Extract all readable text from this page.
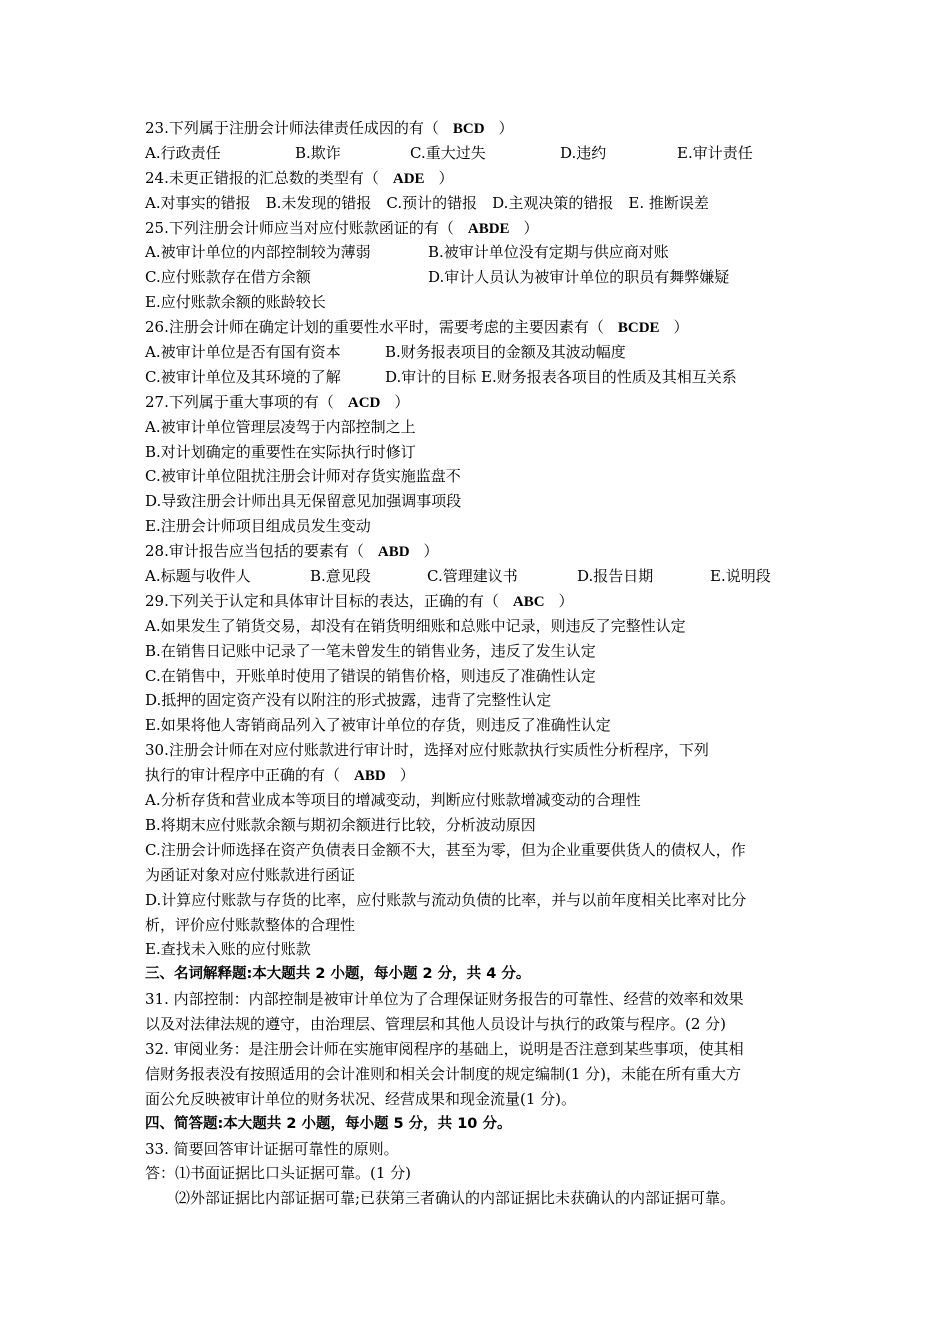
23.下列属于注册会计师法律责任成因的有（ BCD ）
A.行政责任	B.欺诈	C.重大过失	D.违约	E.审计责任
24.未更正错报的汇总数的类型有（ ADE ）
A.对事实的错报　B.未发现的错报　C.预计的错报　D.主观决策的错报　E. 推断误差
25.下列注册会计师应当对应付账款函证的有（ ABDE ）
A.被审计单位的内部控制较为薄弱	B.被审计单位没有定期与供应商对账
C.应付账款存在借方余额	D.审计人员认为被审计单位的职员有舞弊嫌疑
E.应付账款余额的账龄较长
26.注册会计师在确定计划的重要性水平时，需要考虑的主要因素有（ BCDE ）
A.被审计单位是否有国有资本	B.财务报表项目的金额及其波动幅度
C.被审计单位及其环境的了解	D.审计的目标 E.财务报表各项目的性质及其相互关系
27.下列属于重大事项的有（ ACD ）
A.被审计单位管理层凌驾于内部控制之上
B.对计划确定的重要性在实际执行时修订
C.被审计单位阻扰注册会计师对存货实施监盘不
D.导致注册会计师出具无保留意见加强调事项段
E.注册会计师项目组成员发生变动
28.审计报告应当包括的要素有（ ABD ）
A.标题与收件人	B.意见段	C.管理建议书	D.报告日期	E.说明段
29.下列关于认定和具体审计目标的表达，正确的有（ ABC ）
A.如果发生了销货交易，却没有在销货明细账和总账中记录，则违反了完整性认定
B.在销售日记账中记录了一笔未曾发生的销售业务，违反了发生认定
C.在销售中，开账单时使用了错误的销售价格，则违反了准确性认定
D.抵押的固定资产没有以附注的形式披露，违背了完整性认定
E.如果将他人寄销商品列入了被审计单位的存货，则违反了准确性认定
30.注册会计师在对应付账款进行审计时，选择对应付账款执行实质性分析程序，下列
执行的审计程序中正确的有（ ABD ）
A.分析存货和营业成本等项目的增减变动，判断应付账款增减变动的合理性
B.将期末应付账款余额与期初余额进行比较，分析波动原因
C.注册会计师选择在资产负债表日金额不大，甚至为零，但为企业重要供货人的债权人，作
为函证对象对应付账款进行函证
D.计算应付账款与存货的比率，应付账款与流动负债的比率，并与以前年度相关比率对比分
析，评价应付账款整体的合理性
E.查找未入账的应付账款
三、名词解释题:本大题共 2 小题，每小题 2 分，共 4 分。
31. 内部控制：内部控制是被审计单位为了合理保证财务报告的可靠性、经营的效率和效果
以及对法律法规的遵守，由治理层、管理层和其他人员设计与执行的政策与程序。(2 分)
32. 审阅业务：是注册会计师在实施审阅程序的基础上，说明是否注意到某些事项，使其相
信财务报表没有按照适用的会计准则和相关会计制度的规定编制(1 分)，未能在所有重大方
面公允反映被审计单位的财务状况、经营成果和现金流量(1 分)。
四、简答题:本大题共 2 小题，每小题 5 分，共 10 分。
33. 简要回答审计证据可靠性的原则。
答：⑴书面证据比口头证据可靠。(1 分)
⑵外部证据比内部证据可靠;已获第三者确认的内部证据比未获确认的内部证据可靠。
